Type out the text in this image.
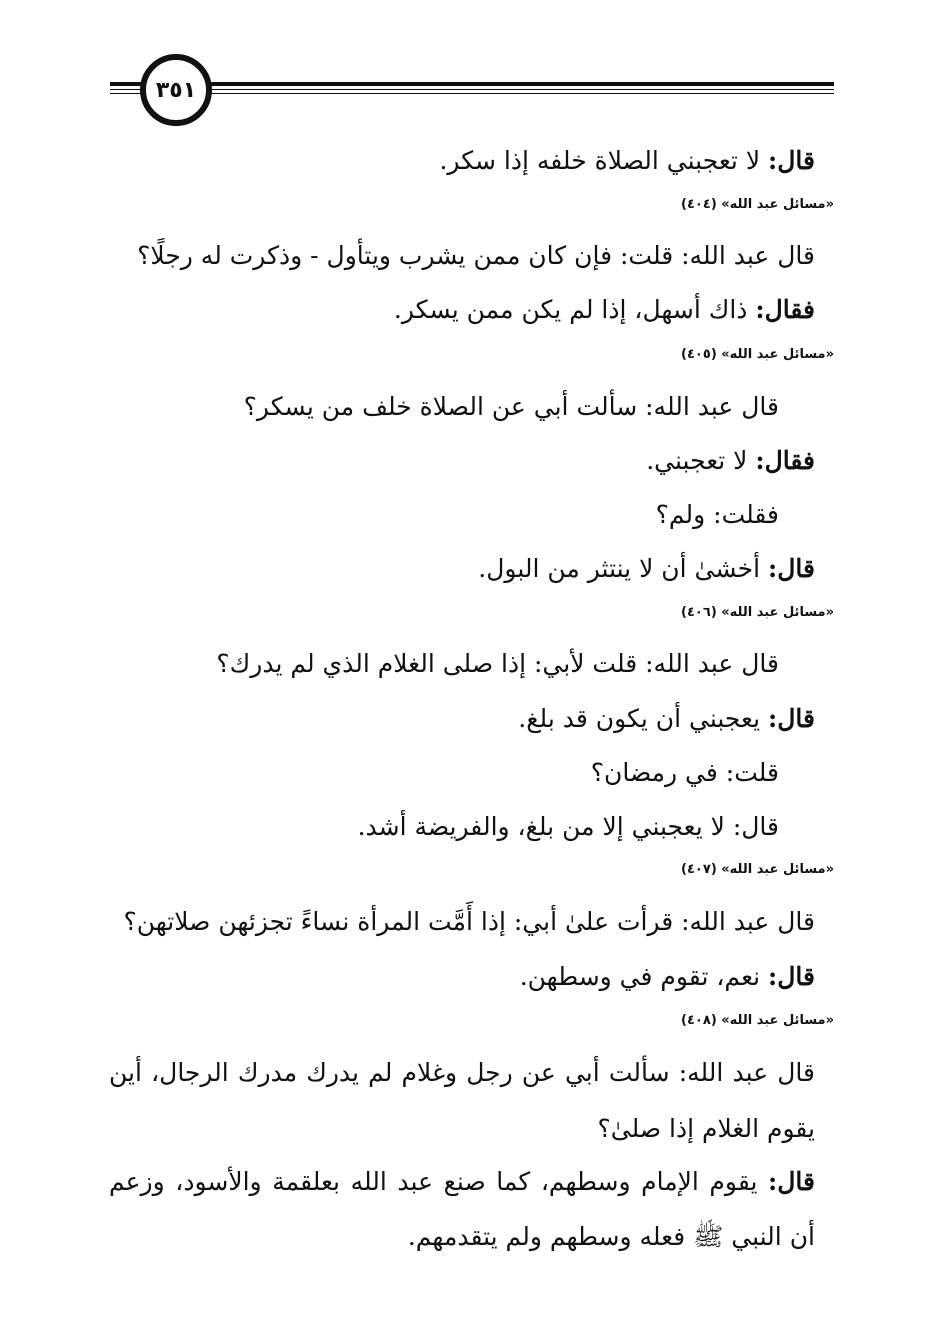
٣٥١
قال: لا تعجبني الصلاة خلفه إذا سكر.
«مسائل عبد الله» (٤٠٤)
قال عبد الله: قلت: فإن كان ممن يشرب ويتأول - وذكرت له رجلًا؟
فقال: ذاك أسهل، إذا لم يكن ممن يسكر.
«مسائل عبد الله» (٤٠٥)
قال عبد الله: سألت أبي عن الصلاة خلف من يسكر؟
فقال: لا تعجبني.
فقلت: ولم؟
قال: أخشىٰ أن لا ينتثر من البول.
«مسائل عبد الله» (٤٠٦)
قال عبد الله: قلت لأبي: إذا صلى الغلام الذي لم يدرك؟
قال: يعجبني أن يكون قد بلغ.
قلت: في رمضان؟
قال: لا يعجبني إلا من بلغ، والفريضة أشد.
«مسائل عبد الله» (٤٠٧)
قال عبد الله: قرأت علىٰ أبي: إذا أَمَّت المرأة نساءً تجزئهن صلاتهن؟
قال: نعم، تقوم في وسطهن.
«مسائل عبد الله» (٤٠٨)
قال عبد الله: سألت أبي عن رجل وغلام لم يدرك مدرك الرجال، أين
يقوم الغلام إذا صلىٰ؟
قال: يقوم الإمام وسطهم، كما صنع عبد الله بعلقمة والأسود، وزعم
أن النبي ﷺ فعله وسطهم ولم يتقدمهم.
